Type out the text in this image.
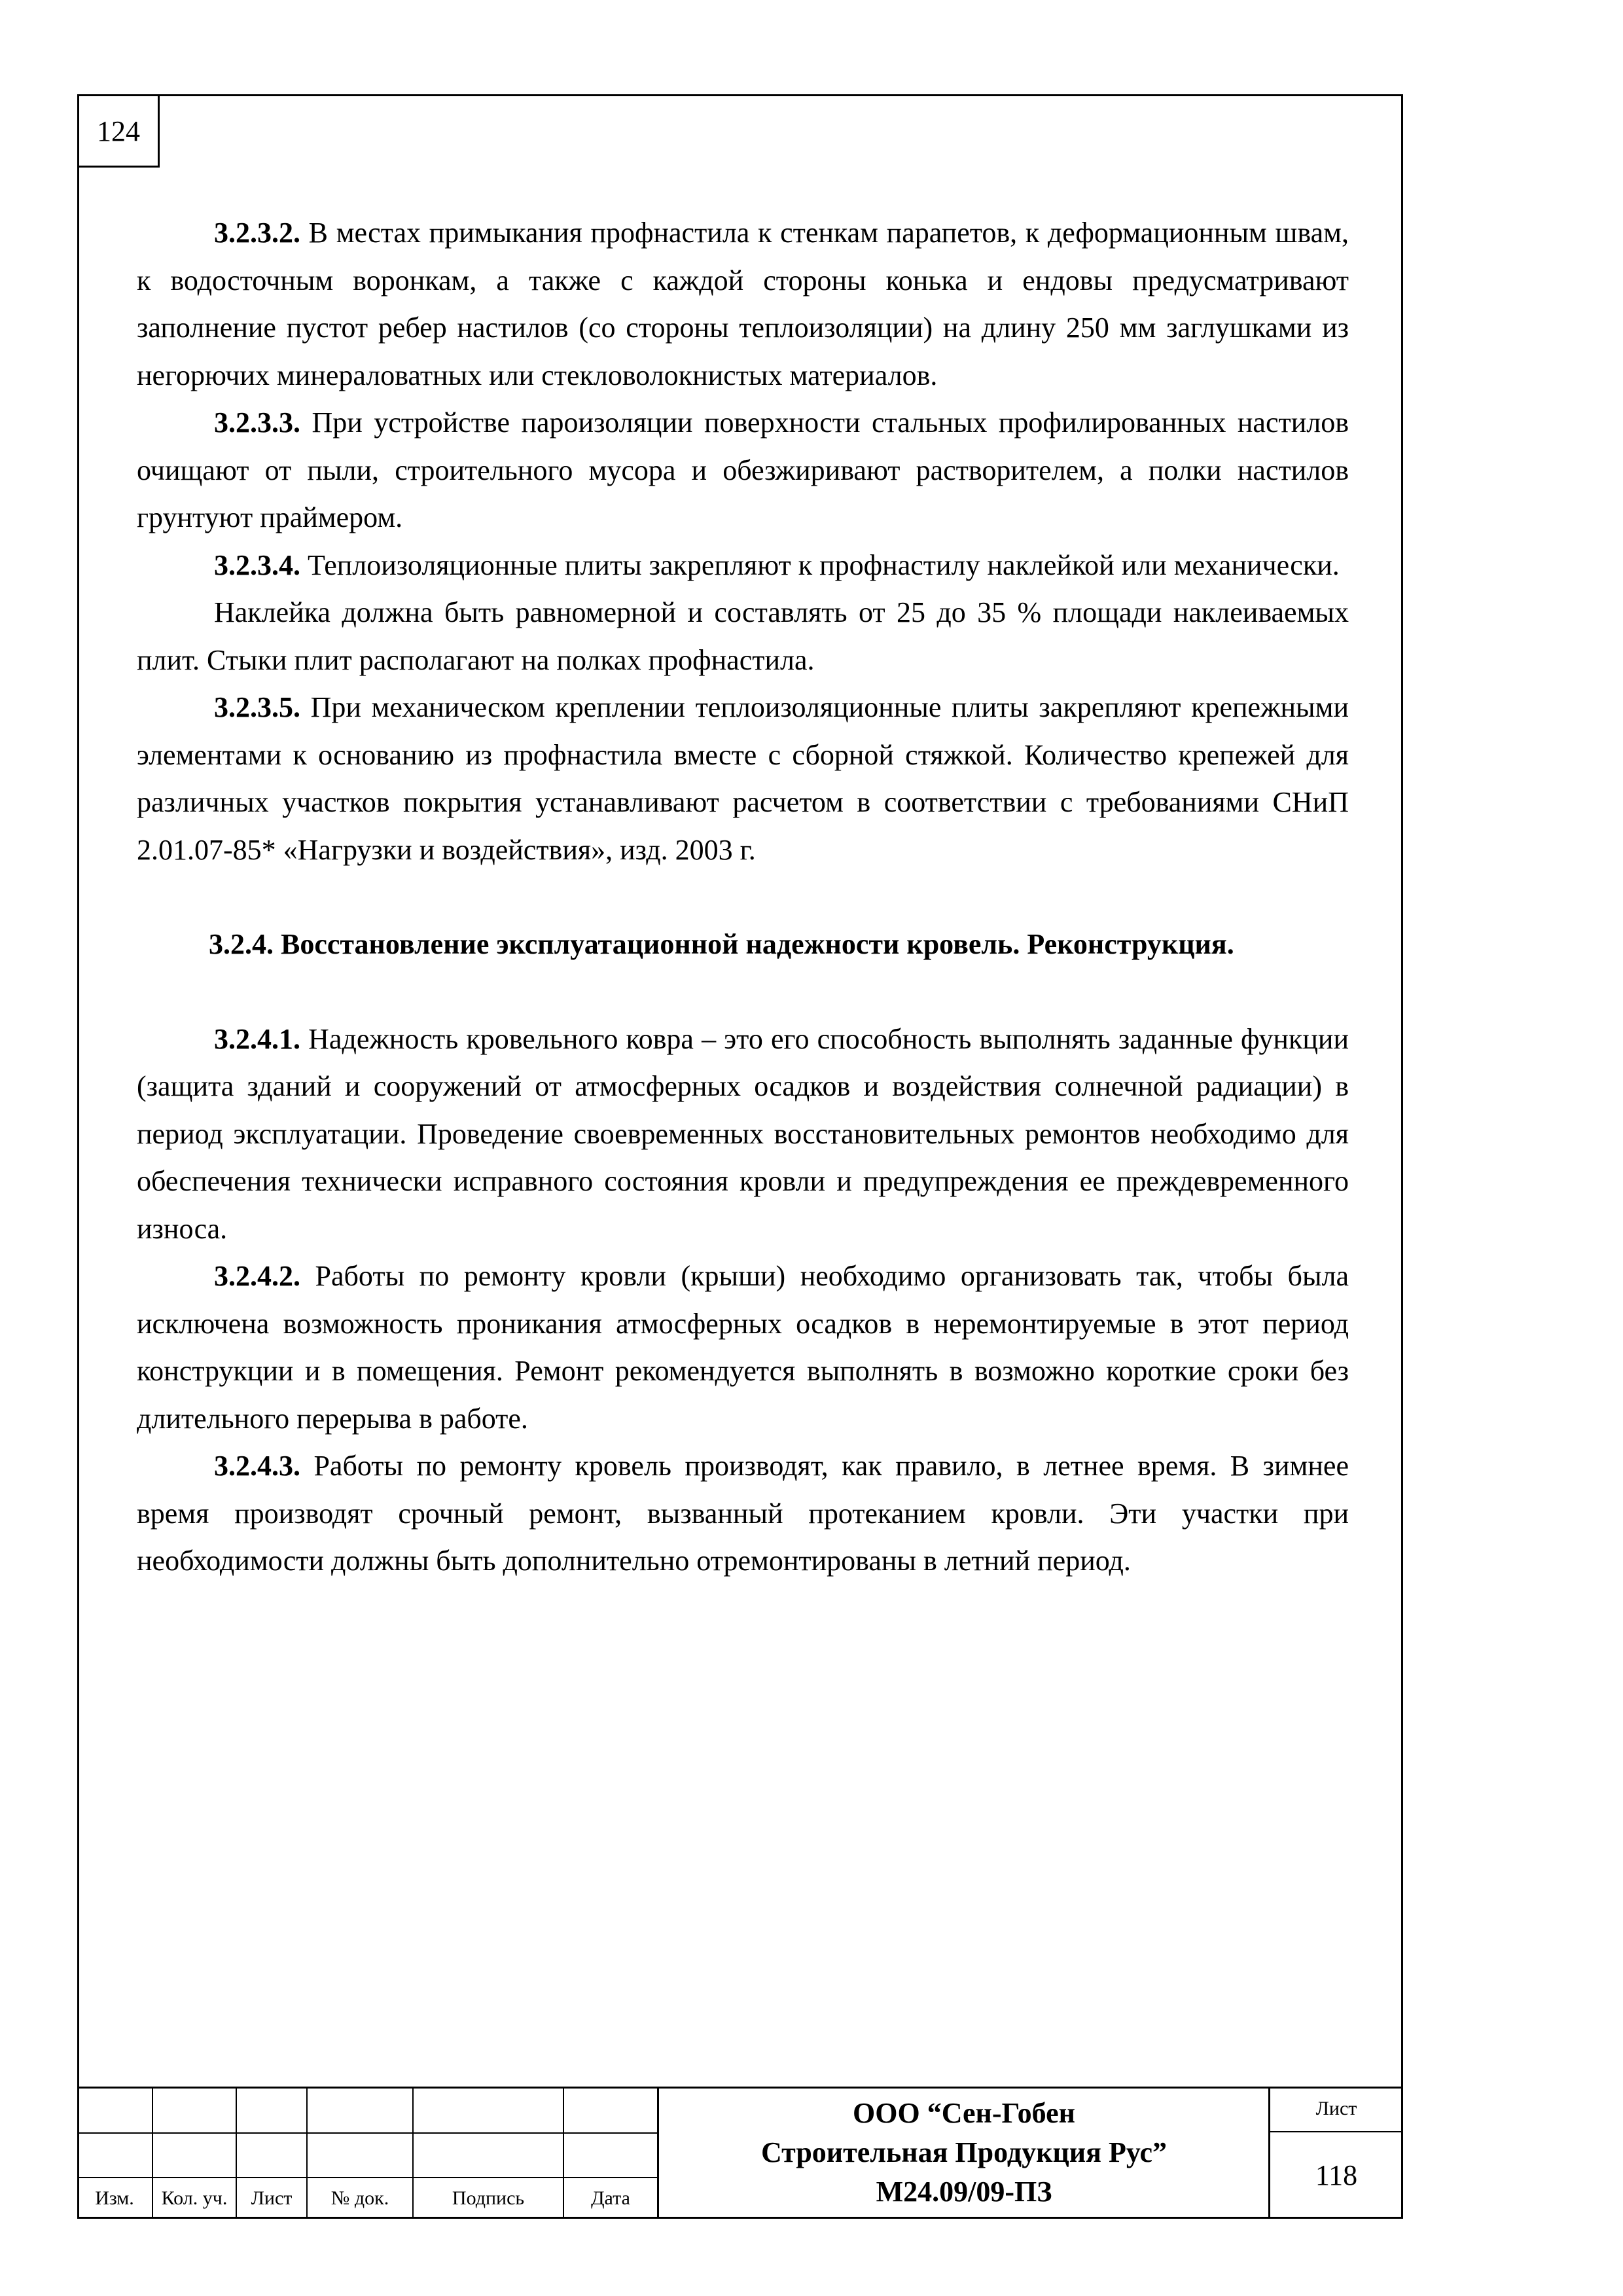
124

3.2.3.2. В местах примыкания профнастила к стенкам парапетов, к деформационным швам, к водосточным воронкам, а также с каждой стороны конька и ендовы предусматривают заполнение пустот ребер настилов (со стороны теплоизоляции) на длину 250 мм заглушками из негорючих минераловатных или стекловолокнистых материалов.

3.2.3.3. При устройстве пароизоляции поверхности стальных профилированных настилов очищают от пыли, строительного мусора и обезжиривают растворителем, а полки настилов грунтуют праймером.

3.2.3.4. Теплоизоляционные плиты закрепляют к профнастилу наклейкой или механически.

Наклейка должна быть равномерной и составлять от 25 до 35 % площади наклеиваемых плит. Стыки плит располагают на полках профнастила.

3.2.3.5. При механическом креплении теплоизоляционные плиты закрепляют крепежными элементами к основанию из профнастила вместе с сборной стяжкой. Количество крепежей для различных участков покрытия устанавливают расчетом в соответствии с требованиями СНиП 2.01.07-85* «Нагрузки и воздействия», изд. 2003 г.

3.2.4. Восстановление эксплуатационной надежности кровель. Реконструкция.

3.2.4.1. Надежность кровельного ковра – это его способность выполнять заданные функции (защита зданий и сооружений от атмосферных осадков и воздействия солнечной радиации) в период эксплуатации. Проведение своевременных восстановительных ремонтов необходимо для обеспечения технически исправного состояния кровли и предупреждения ее преждевременного износа.

3.2.4.2. Работы по ремонту кровли (крыши) необходимо организовать так, чтобы была исключена возможность проникания атмосферных осадков в неремонтируемые в этот период конструкции и в помещения. Ремонт рекомендуется выполнять в возможно короткие сроки без длительного перерыва в работе.

3.2.4.3. Работы по ремонту кровель производят, как правило, в летнее время. В зимнее время производят срочный ремонт, вызванный протеканием кровли. Эти участки при необходимости должны быть дополнительно отремонтированы в летний период.

Изм.	Кол. уч.	Лист	№ док.	Подпись	Дата
ООО “Сен-Гобен
Строительная Продукция Рус”
М24.09/09-ПЗ
Лист
118
